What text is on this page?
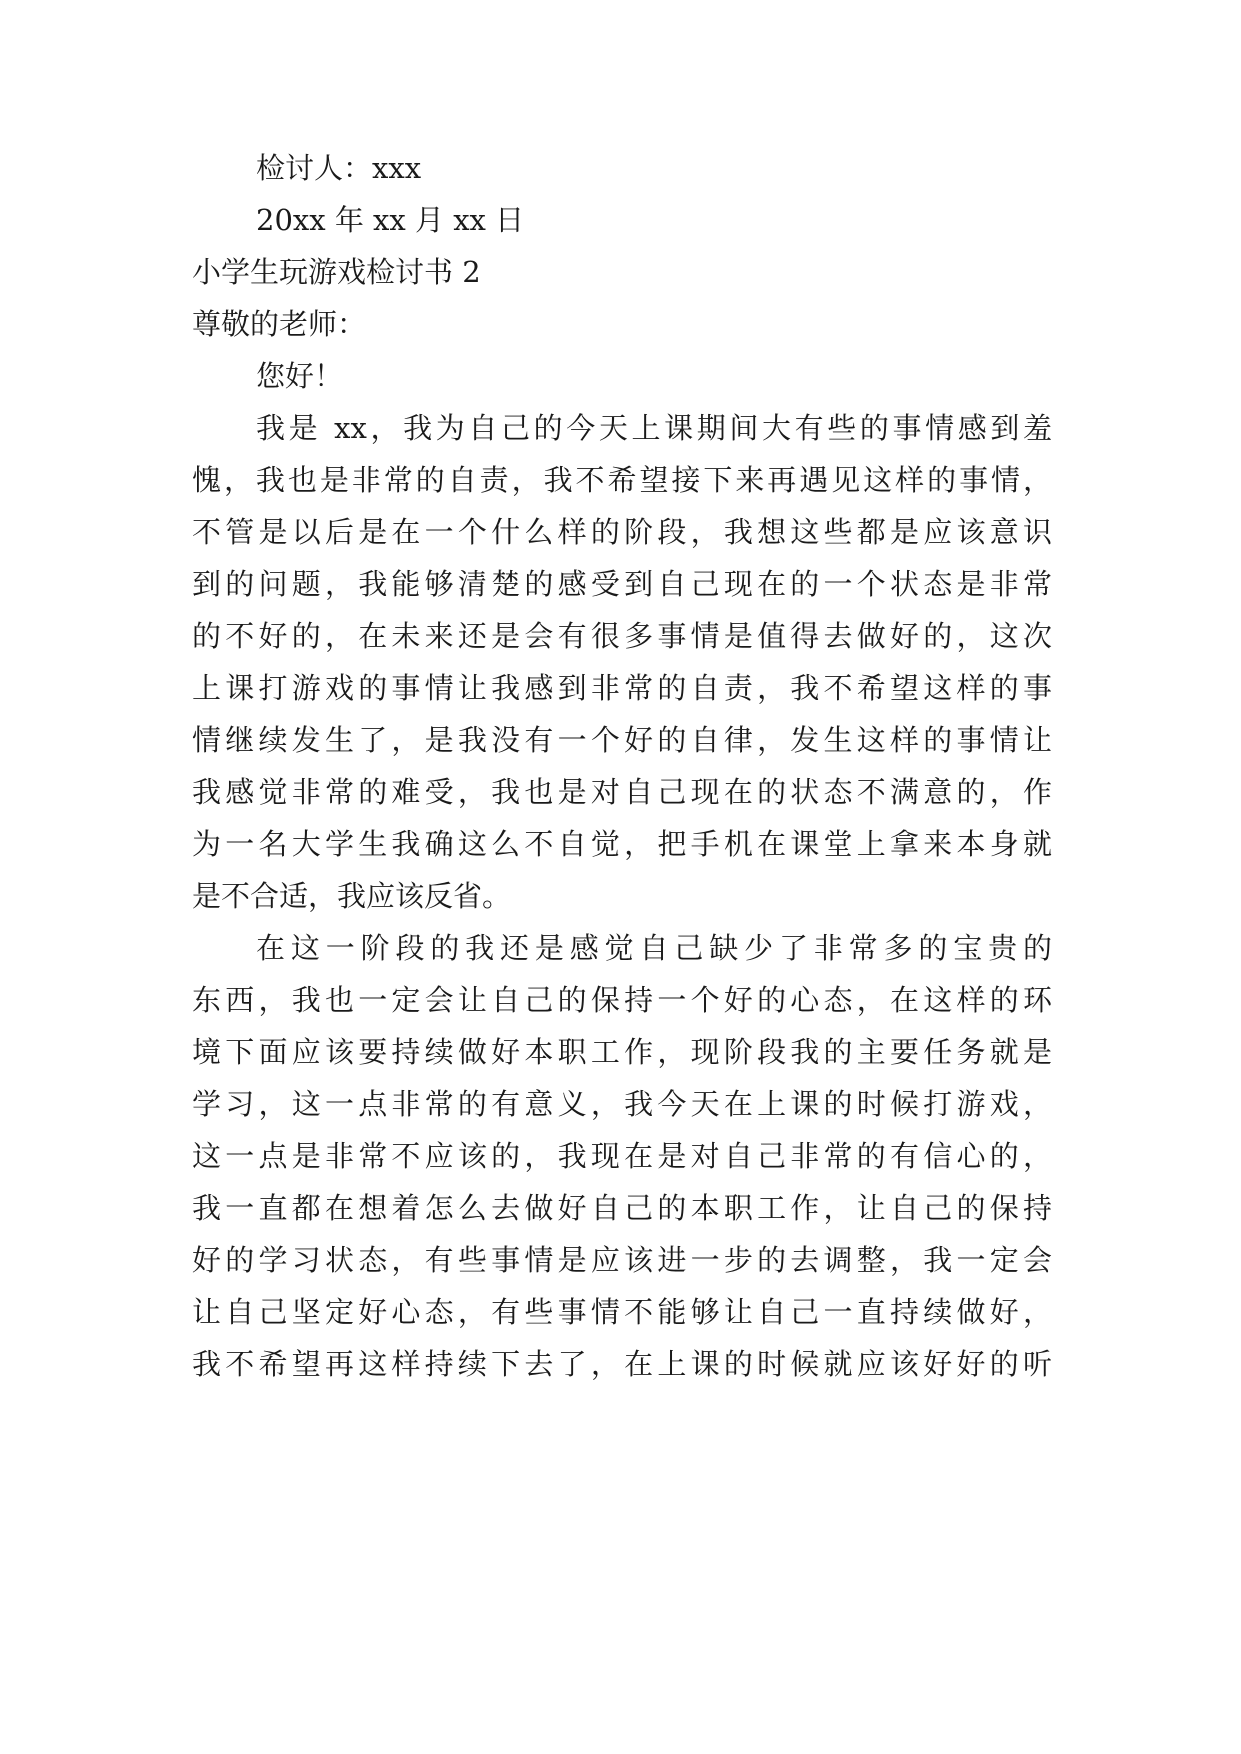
检讨人：xxx
20xx 年 xx 月 xx 日
小学生玩游戏检讨书 2
尊敬的老师：
您好！
我是 xx，我为自己的今天上课期间大有些的事情感到羞
愧，我也是非常的自责，我不希望接下来再遇见这样的事情，
不管是以后是在一个什么样的阶段，我想这些都是应该意识
到的问题，我能够清楚的感受到自己现在的一个状态是非常
的不好的，在未来还是会有很多事情是值得去做好的，这次
上课打游戏的事情让我感到非常的自责，我不希望这样的事
情继续发生了，是我没有一个好的自律，发生这样的事情让
我感觉非常的难受，我也是对自己现在的状态不满意的，作
为一名大学生我确这么不自觉，把手机在课堂上拿来本身就
是不合适，我应该反省。
在这一阶段的我还是感觉自己缺少了非常多的宝贵的
东西，我也一定会让自己的保持一个好的心态，在这样的环
境下面应该要持续做好本职工作，现阶段我的主要任务就是
学习，这一点非常的有意义，我今天在上课的时候打游戏，
这一点是非常不应该的，我现在是对自己非常的有信心的，
我一直都在想着怎么去做好自己的本职工作，让自己的保持
好的学习状态，有些事情是应该进一步的去调整，我一定会
让自己坚定好心态，有些事情不能够让自己一直持续做好，
我不希望再这样持续下去了，在上课的时候就应该好好的听
